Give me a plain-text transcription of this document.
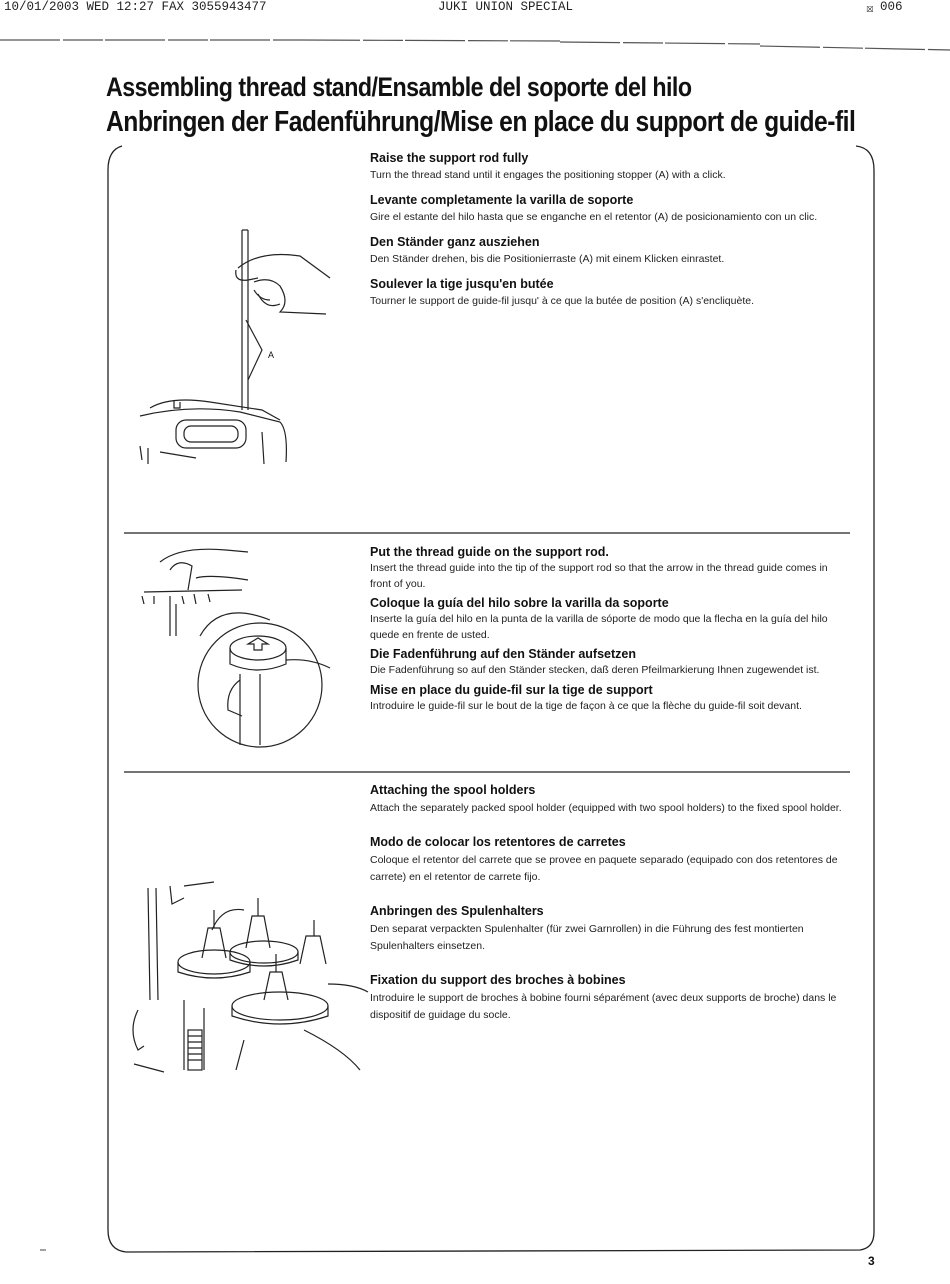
10/01/2003 WED 12:27 FAX 3055943477	JUKI UNION SPECIAL	☒ 006
Assembling thread stand/Ensamble del soporte del hilo
Anbringen der Fadenführung/Mise en place du support de guide-fil
A

Raise the support rod fully

Turn the thread stand until it engages the positioning stopper (A) with a click.

Levante completamente la varilla de soporte

Gire el estante del hilo hasta que se enganche en el retentor (A) de posicionamiento con un clic.

Den Ständer ganz ausziehen

Den Ständer drehen, bis die Positionierraste (A) mit einem Klicken einrastet.

Soulever la tige jusqu'en butée

Tourner le support de guide-fil jusqu' à ce que la butée de position (A) s'encliquète.

Put the thread guide on the support rod.

Insert the thread guide into the tip of the support rod so that the arrow in the thread guide comes in front of you.

Coloque la guía del hilo sobre la varilla da soporte

Inserte la guía del hilo en la punta de la varilla de sóporte de modo que la flecha en la guía del hilo quede en frente de usted.

Die Fadenführung auf den Ständer aufsetzen

Die Fadenführung so auf den Ständer stecken, daß deren Pfeilmarkierung Ihnen zugewendet ist.

Mise en place du guide-fil sur la tige de support

Introduire le guide-fil sur le bout de la tige de façon à ce que la flèche du guide-fil soit devant.

Attaching the spool holders

Attach the separately packed spool holder (equipped with two spool holders) to the fixed spool holder.

Modo de colocar los retentores de carretes

Coloque el retentor del carrete que se provee en paquete separado (equipado con dos retentores de carrete) en el retentor de carrete fijo.

Anbringen des Spulenhalters

Den separat verpackten Spulenhalter (für zwei Garnrollen) in die Führung des fest montierten Spulenhalters einsetzen.

Fixation du support des broches à bobines

Introduire le support de broches à bobine fourni séparément (avec deux supports de broche) dans le dispositif de guidage du socle.

3
